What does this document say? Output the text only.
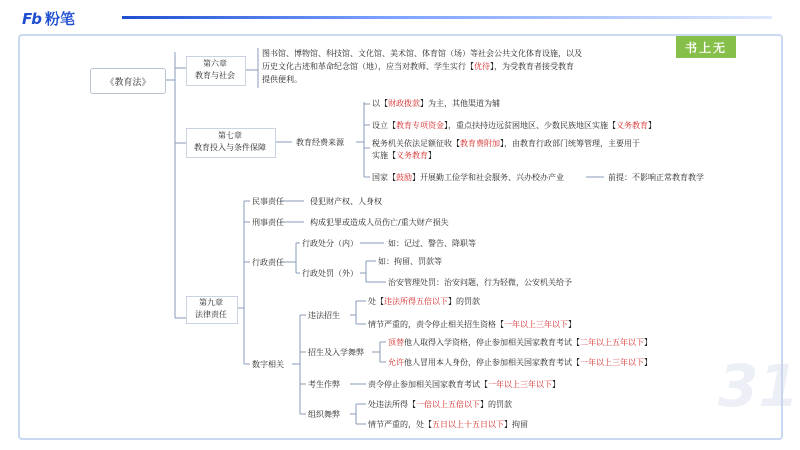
Fb 粉笔
书上无
31
《教育法》
第六章
教育与社会
图书馆、博物馆、科技馆、文化馆、美术馆、体育馆（场）等社会公共文化体育设施，以及
历史文化古迹和革命纪念馆（地），应当对教师、学生实行【优待】，为受教育者接受教育
提供便利。
第七章
教育投入与条件保障
教育经费来源
以【财政拨款】为主，其他渠道为辅
设立【教育专项资金】，重点扶持边远贫困地区、少数民族地区实施【义务教育】
税务机关依法足额征收【教育费附加】，由教育行政部门统筹管理，主要用于
实施【义务教育】
国家【鼓励】开展勤工俭学和社会服务、兴办校办产业	前提：不影响正常教育教学
第九章
法律责任
民事责任	侵犯财产权、人身权
刑事责任	构成犯罪或造成人员伤亡/重大财产损失
行政责任
行政处分（内）	如：记过、警告、降职等
行政处罚（外）
如：拘留、罚款等
治安管理处罚：治安问题，行为轻微，公安机关给予
数字相关
违法招生
处【违法所得五倍以下】的罚款
情节严重的，责令停止相关招生资格【一年以上三年以下】
招生及入学舞弊
顶替他人取得入学资格，停止参加相关国家教育考试【二年以上五年以下】
允许他人冒用本人身份，停止参加相关国家教育考试【一年以上三年以下】
考生作弊	责令停止参加相关国家教育考试【一年以上三年以下】
组织舞弊
处违法所得【一倍以上五倍以下】的罚款
情节严重的，处【五日以上十五日以下】拘留
